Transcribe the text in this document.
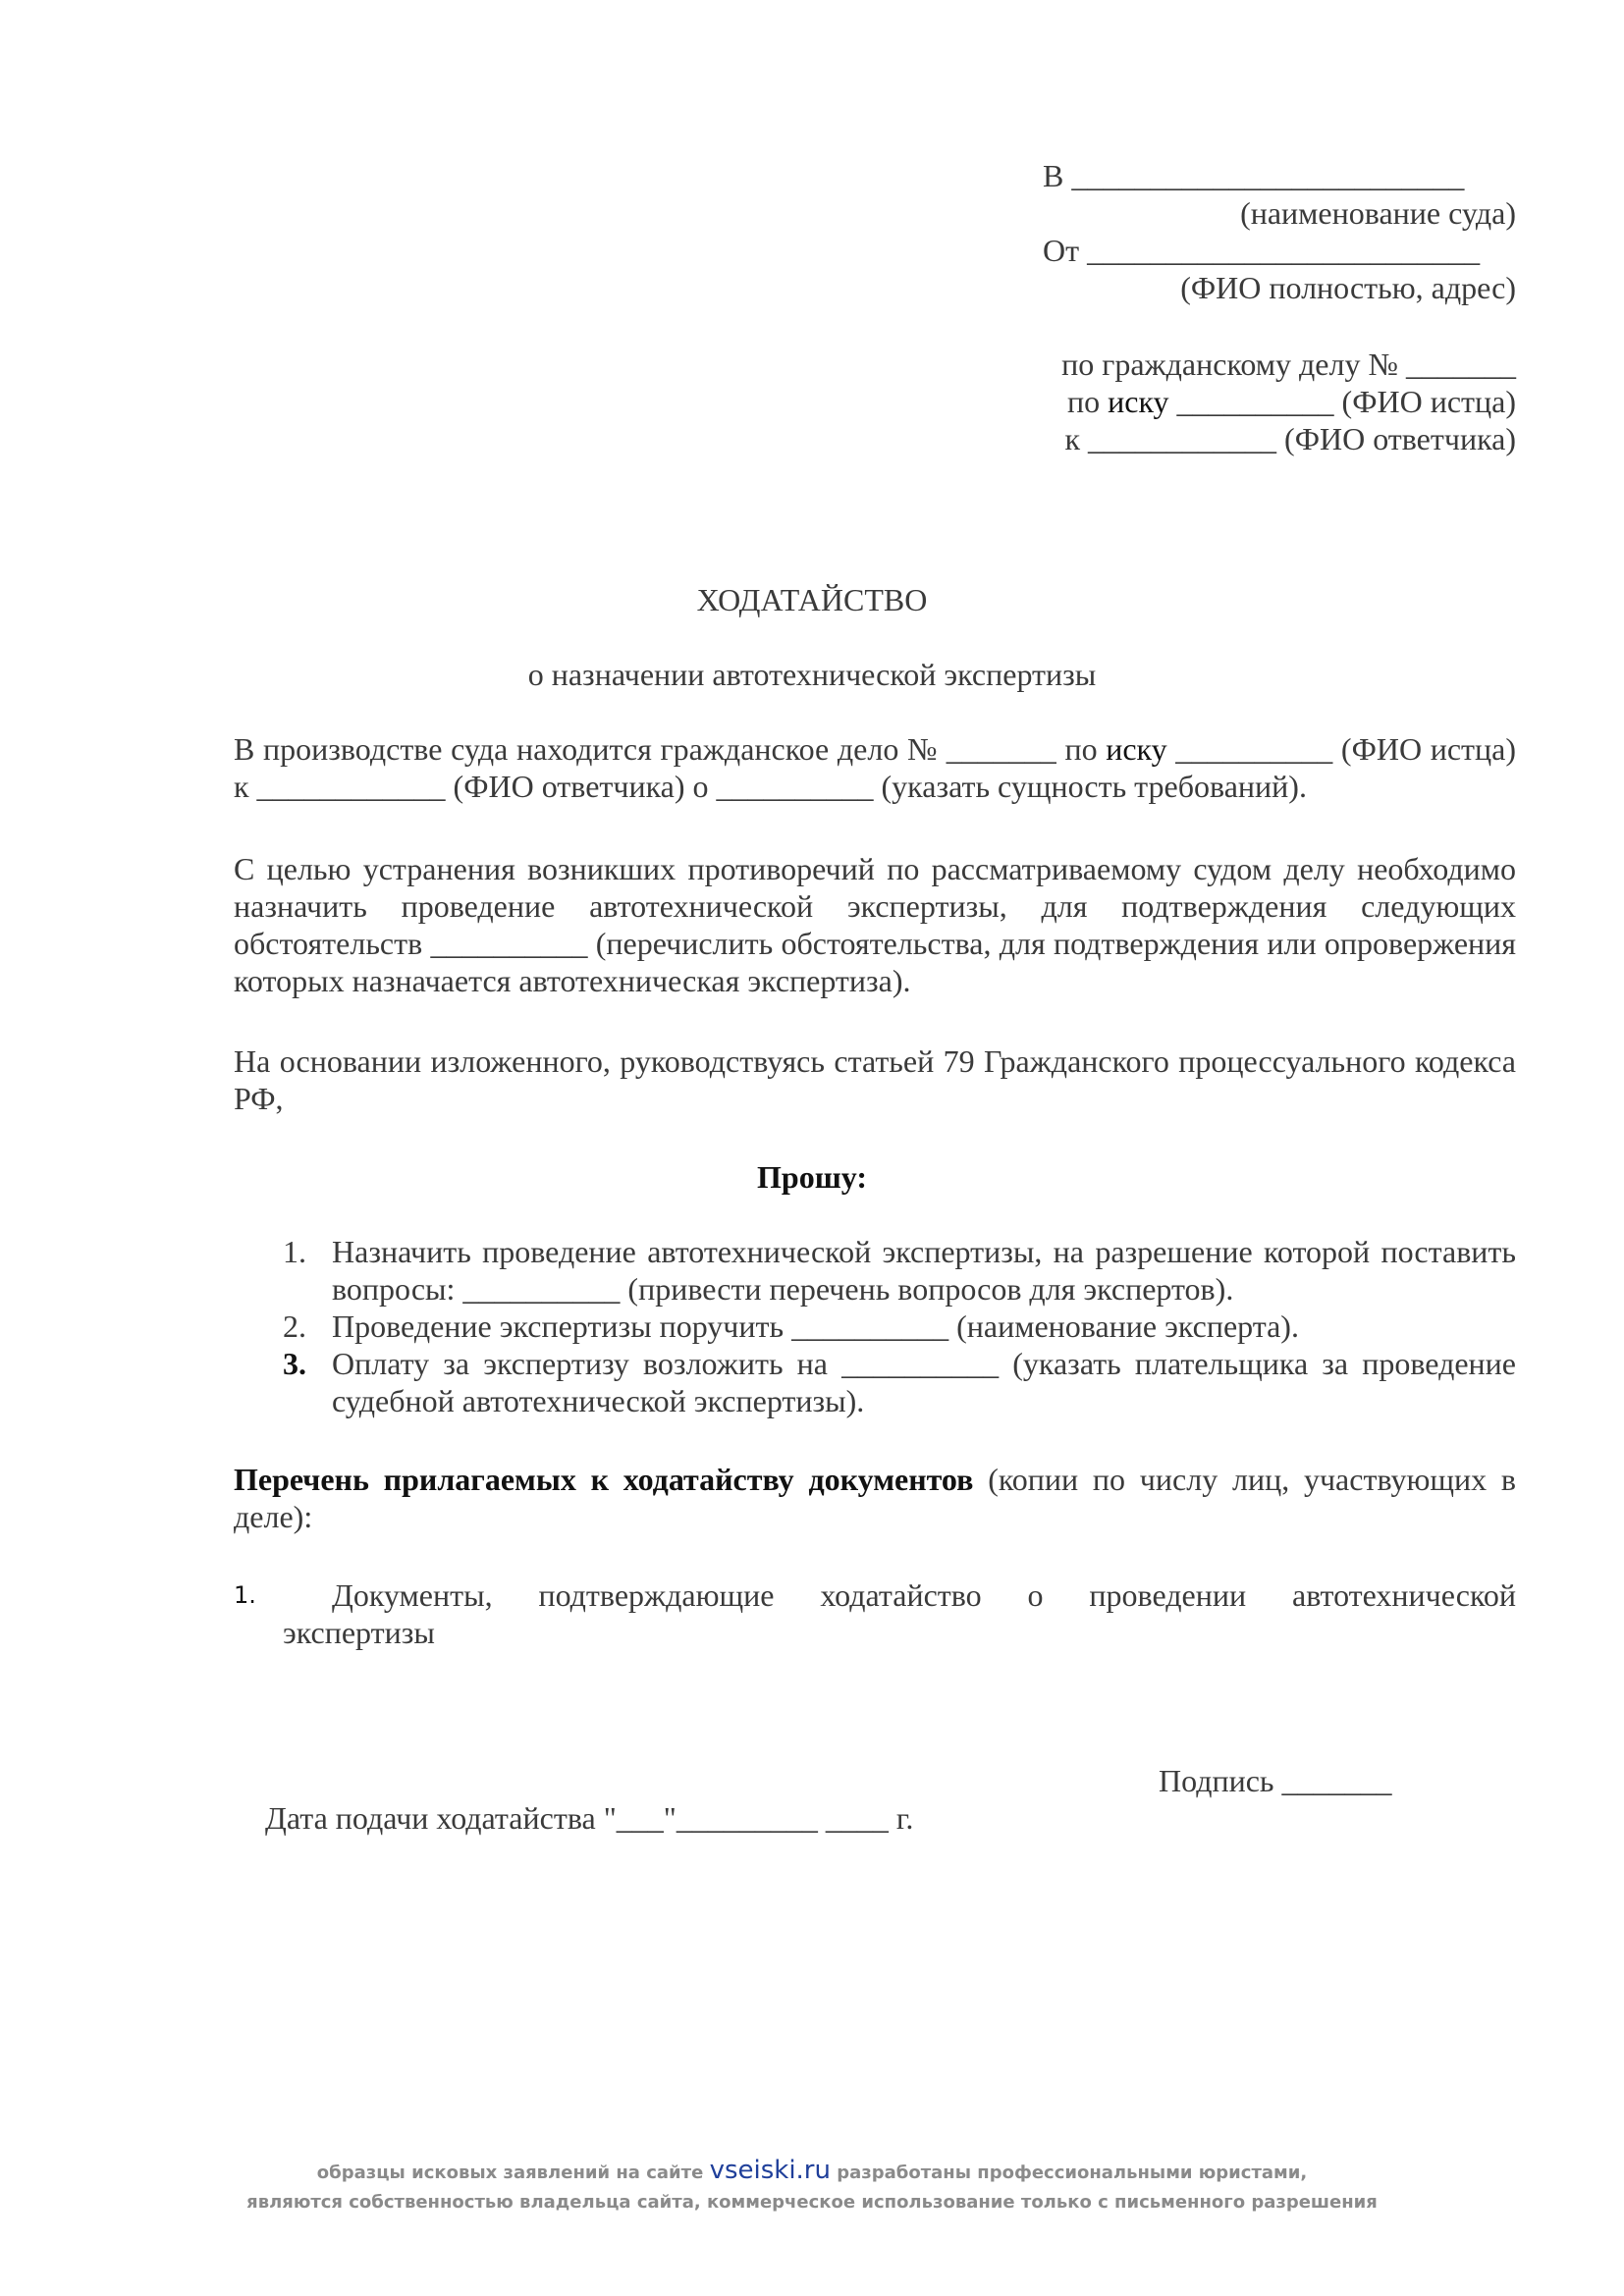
В _________________________
(наименование суда)
От _________________________
(ФИО полностью, адрес)
по гражданскому делу № _______
по иску __________ (ФИО истца)
к ____________ (ФИО ответчика)
ХОДАТАЙСТВО
о назначении автотехнической экспертизы
В производстве суда находится гражданское дело № _______ по иску __________ (ФИО истца) к ____________ (ФИО ответчика) о __________ (указать сущность требований).
С целью устранения возникших противоречий по рассматриваемому судом делу необходимо назначить проведение автотехнической экспертизы, для подтверждения следующих обстоятельств __________ (перечислить обстоятельства, для подтверждения или опровержения которых назначается автотехническая экспертиза).
На основании изложенного, руководствуясь статьей 79 Гражданского процессуального кодекса РФ,
Прошу:
1. Назначить проведение автотехнической экспертизы, на разрешение которой поставить вопросы: __________ (привести перечень вопросов для экспертов).
2. Проведение экспертизы поручить __________ (наименование эксперта).
3. Оплату за экспертизу возложить на __________ (указать плательщика за проведение судебной автотехнической экспертизы).
Перечень прилагаемых к ходатайству документов (копии по числу лиц, участвующих в деле):
1.	Документы, подтверждающие ходатайство о проведении автотехнической
экспертизы

Дата подачи ходатайства "___"_________ ____ г.

Подпись _______

образцы исковых заявлений на сайте vseiski.ru разработаны профессиональными юристами,
являются собственностью владельца сайта, коммерческое использование только с письменного разрешения
